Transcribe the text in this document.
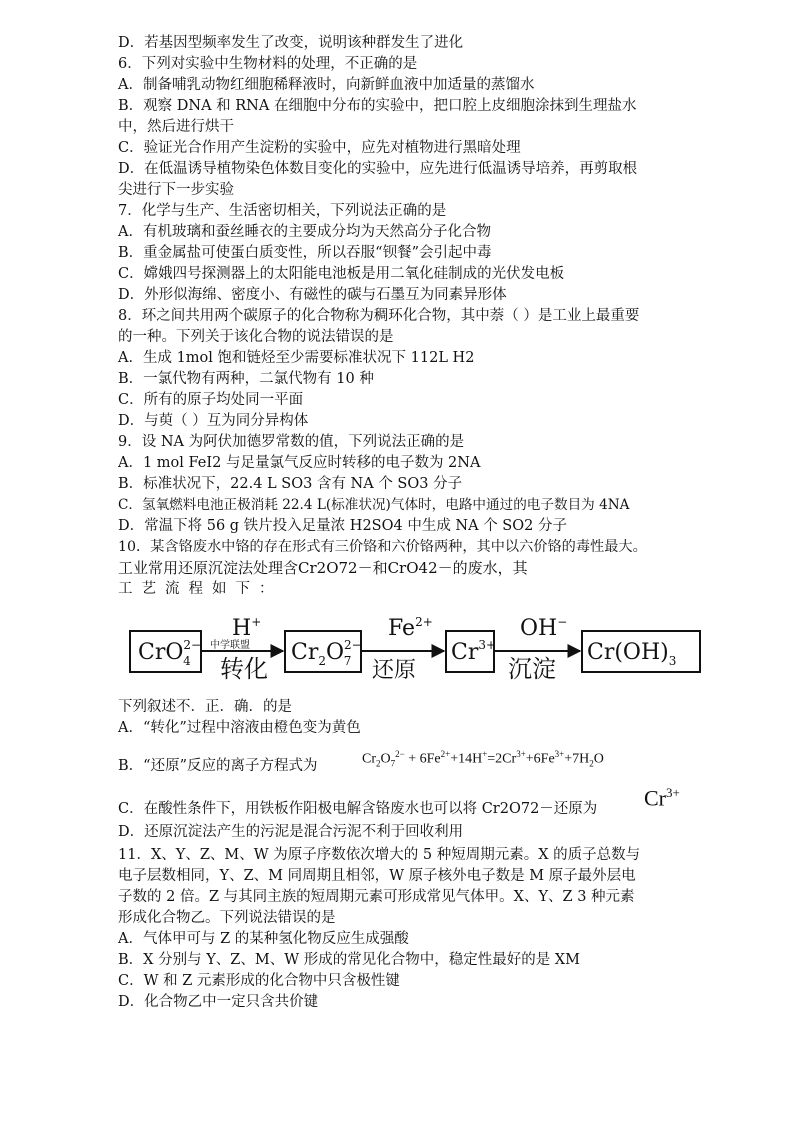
D．若基因型频率发生了改变，说明该种群发生了进化
6．下列对实验中生物材料的处理，不正确的是
A．制备哺乳动物红细胞稀释液时，向新鲜血液中加适量的蒸馏水
B．观察 DNA 和 RNA 在细胞中分布的实验中，把口腔上皮细胞涂抹到生理盐水
中，然后进行烘干
C．验证光合作用产生淀粉的实验中，应先对植物进行黑暗处理
D．在低温诱导植物染色体数目变化的实验中，应先进行低温诱导培养，再剪取根
尖进行下一步实验
7．化学与生产、生活密切相关，下列说法正确的是
A．有机玻璃和蚕丝睡衣的主要成分均为天然高分子化合物
B．重金属盐可使蛋白质变性，所以吞服“钡餐”会引起中毒
C．嫦娥四号探测器上的太阳能电池板是用二氧化硅制成的光伏发电板
D．外形似海绵、密度小、有磁性的碳与石墨互为同素异形体
8．环之间共用两个碳原子的化合物称为稠环化合物，其中萘（ ）是工业上最重要
的一种。下列关于该化合物的说法错误的是
A．生成 1mol 饱和链烃至少需要标准状况下 112L H2
B．一氯代物有两种，二氯代物有 10 种
C．所有的原子均处同一平面
D．与萸（ ）互为同分异构体
9．设 NA 为阿伏加德罗常数的值，下列说法正确的是
A．1 mol FeI2 与足量氯气反应时转移的电子数为 2NA
B．标准状况下，22.4 L SO3 含有 NA 个 SO3 分子
C．氢氧燃料电池正极消耗 22.4 L(标准状况)气体时，电路中通过的电子数目为 4NA
D．常温下将 56 g 铁片投入足量浓 H2SO4 中生成 NA 个 SO2 分子
10．某含铬废水中铬的存在形式有三价铬和六价铬两种，其中以六价铬的毒性最大。
工业常用还原沉淀法处理含Cr2O72－和CrO42－的废水，其
工艺流程如下：
CrO$^{2-}$ 4
H+
中学联盟
转化
$Cr_2O^{2-}$ 7
$Fe^{2+}$
还原
$Cr^{3+}$
OH−
沉淀
$Cr(OH)_3$
下列叙述不．正．确．的是
A．“转化”过程中溶液由橙色变为黄色
B．“还原”反应的离子方程式为	$Cr_2O_7^{2-} + 6Fe^{2+}+14H^+=2Cr^{3+}+6Fe^{3+}+7H_2O$
C．在酸性条件下，用铁板作阳极电解含铬废水也可以将 Cr2O72－还原为 $Cr^{3+}$
D．还原沉淀法产生的污泥是混合污泥不利于回收利用
11．X、Y、Z、M、W 为原子序数依次增大的 5 种短周期元素。X 的质子总数与
电子层数相同，Y、Z、M 同周期且相邻，W 原子核外电子数是 M 原子最外层电
子数的 2 倍。Z 与其同主族的短周期元素可形成常见气体甲。X、Y、Z 3 种元素
形成化合物乙。下列说法错误的是
A．气体甲可与 Z 的某种氢化物反应生成强酸
B．X 分别与 Y、Z、M、W 形成的常见化合物中，稳定性最好的是 XM
C．W 和 Z 元素形成的化合物中只含极性键
D．化合物乙中一定只含共价键
